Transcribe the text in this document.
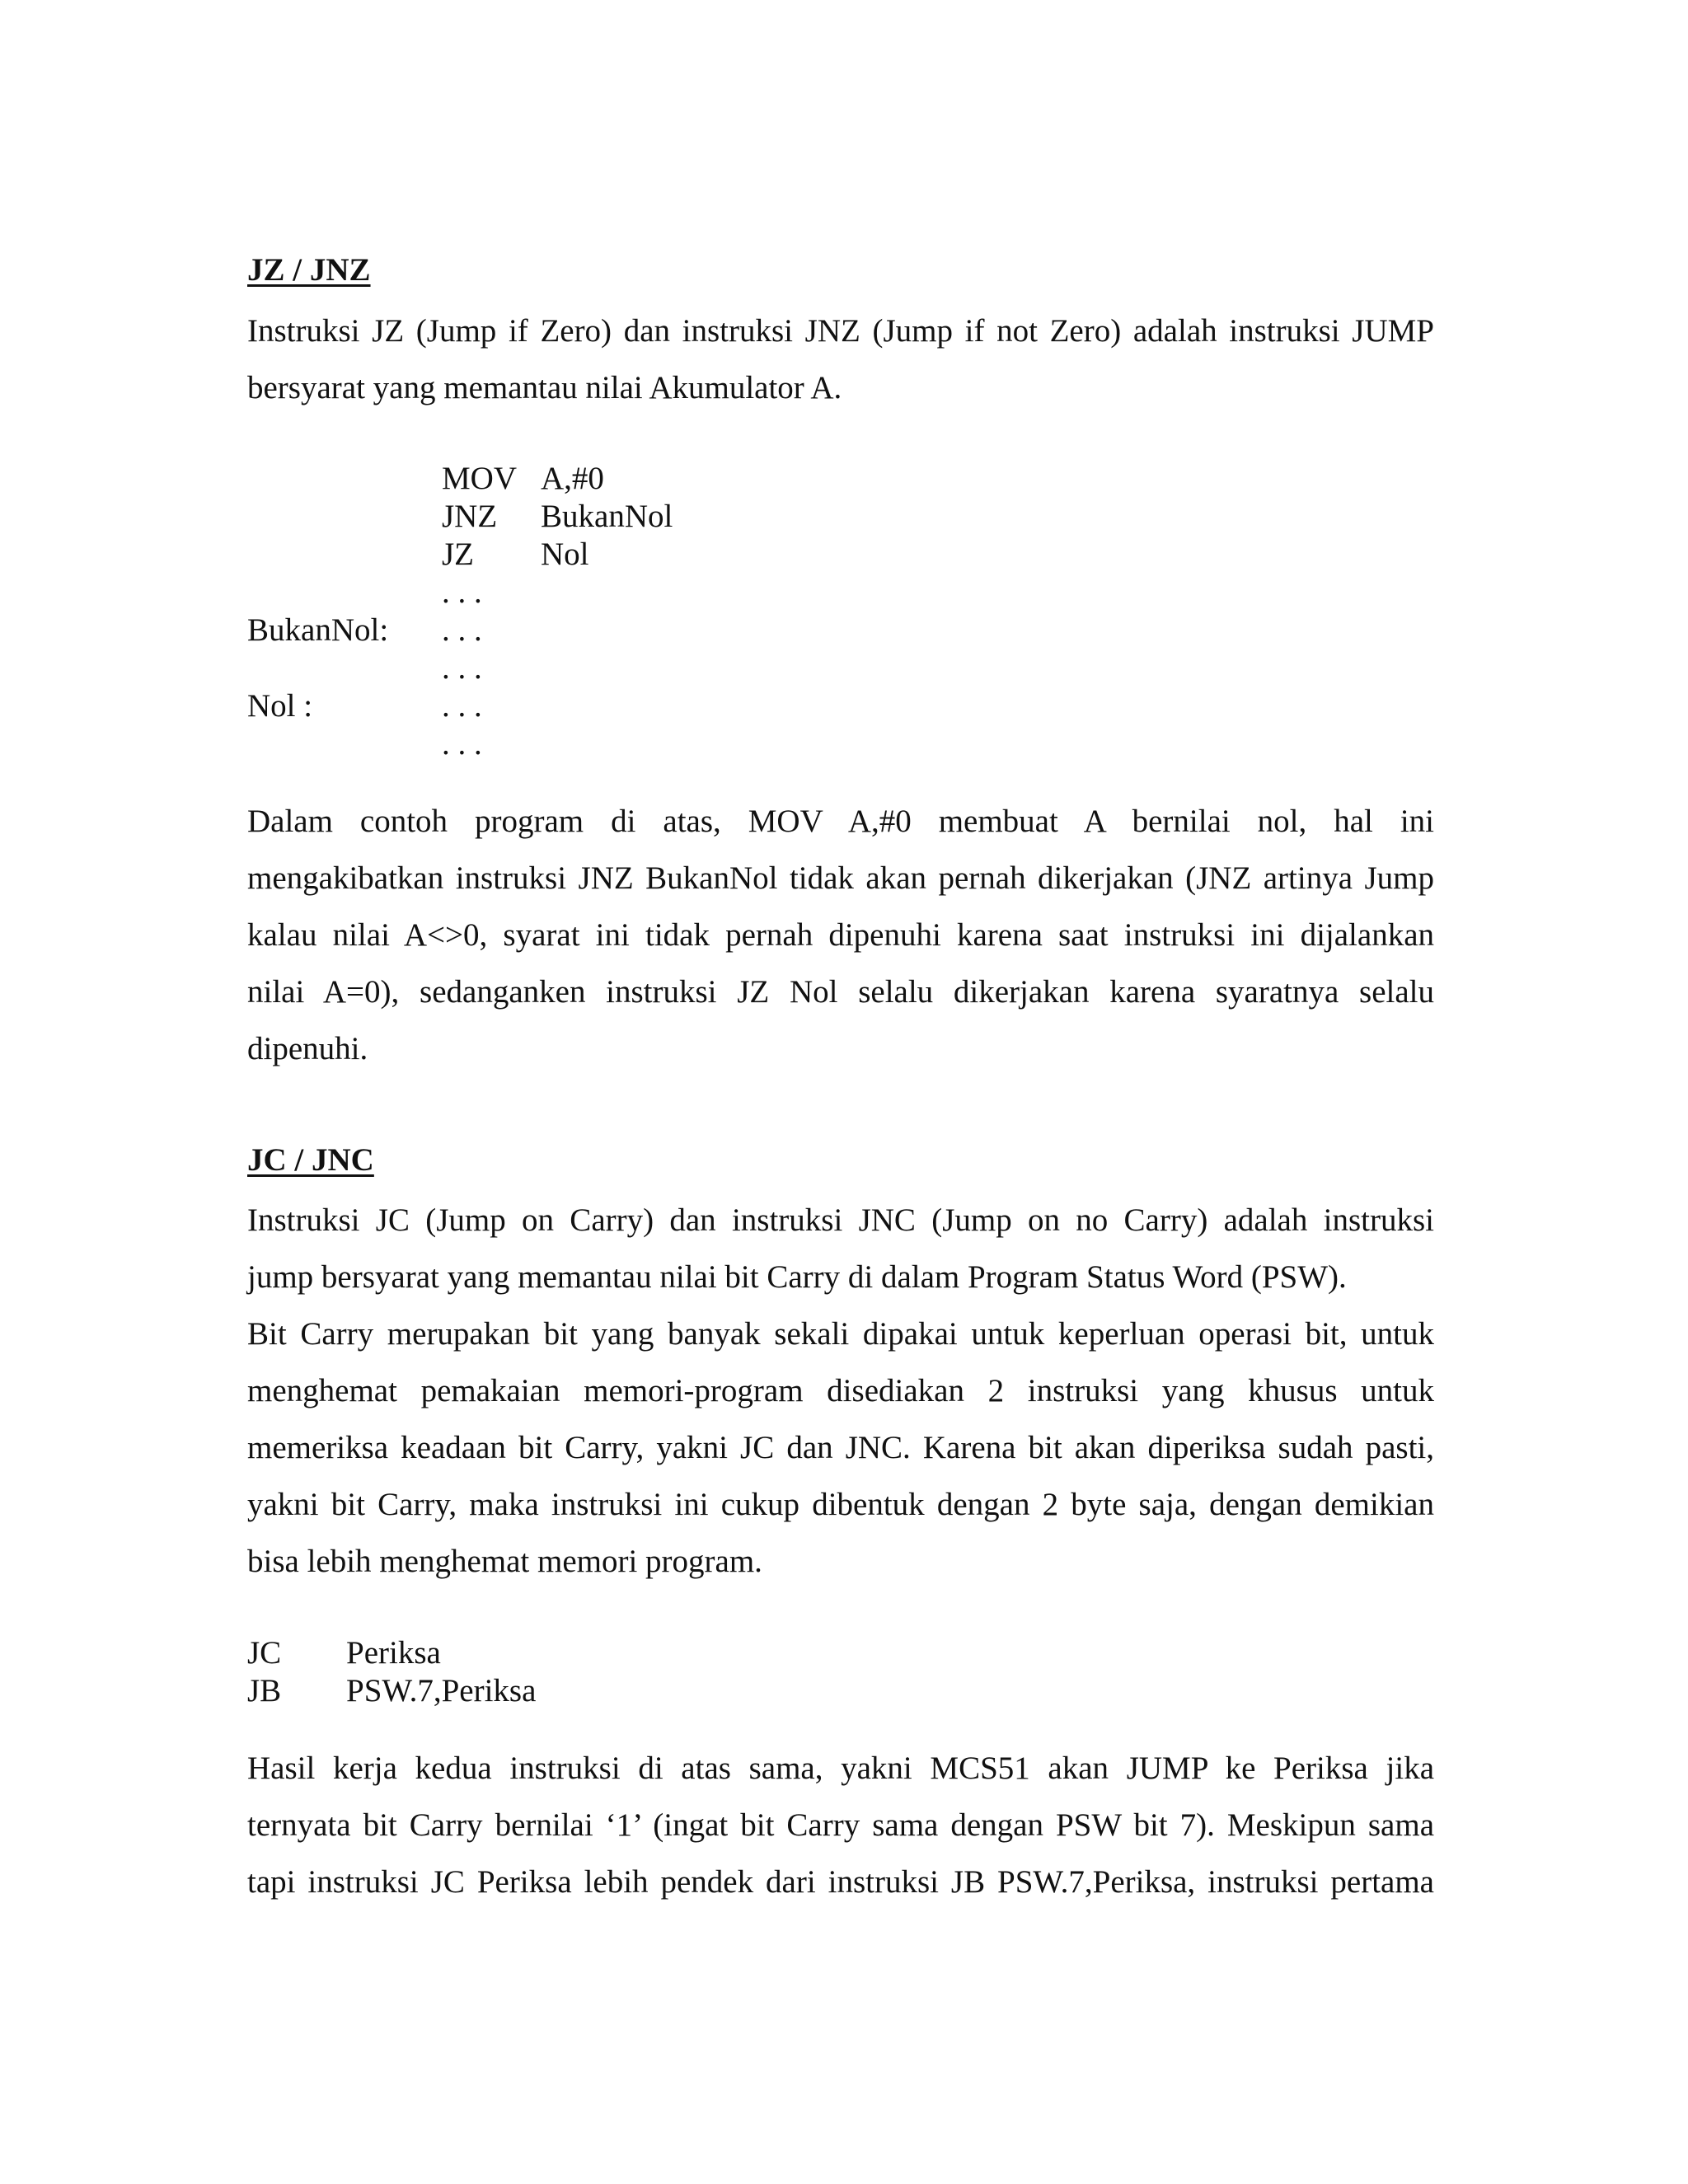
JZ / JNZ
Instruksi JZ (Jump if Zero) dan instruksi JNZ (Jump if not Zero) adalah instruksi JUMP
bersyarat yang memantau nilai Akumulator A.
MOV A,#0
JNZ BukanNol
JZ Nol
. . .
BukanNol: . . .
. . .
Nol :	. . .
. . .
Dalam contoh program di atas, MOV A,#0 membuat A bernilai nol, hal ini
mengakibatkan instruksi JNZ BukanNol tidak akan pernah dikerjakan (JNZ artinya Jump
kalau nilai A<>0, syarat ini tidak pernah dipenuhi karena saat instruksi ini dijalankan
nilai A=0), sedanganken instruksi JZ Nol selalu dikerjakan karena syaratnya selalu
dipenuhi.
JC / JNC
Instruksi JC (Jump on Carry) dan instruksi JNC (Jump on no Carry) adalah instruksi
jump bersyarat yang memantau nilai bit Carry di dalam Program Status Word (PSW).
Bit Carry merupakan bit yang banyak sekali dipakai untuk keperluan operasi bit, untuk
menghemat pemakaian memori-program disediakan 2 instruksi yang khusus untuk
memeriksa keadaan bit Carry, yakni JC dan JNC. Karena bit akan diperiksa sudah pasti,
yakni bit Carry, maka instruksi ini cukup dibentuk dengan 2 byte saja, dengan demikian
bisa lebih menghemat memori program.
JC Periksa
JB PSW.7,Periksa
Hasil kerja kedua instruksi di atas sama, yakni MCS51 akan JUMP ke Periksa jika
ternyata bit Carry bernilai ‘1’ (ingat bit Carry sama dengan PSW bit 7). Meskipun sama
tapi instruksi JC Periksa lebih pendek dari instruksi JB PSW.7,Periksa, instruksi pertama
